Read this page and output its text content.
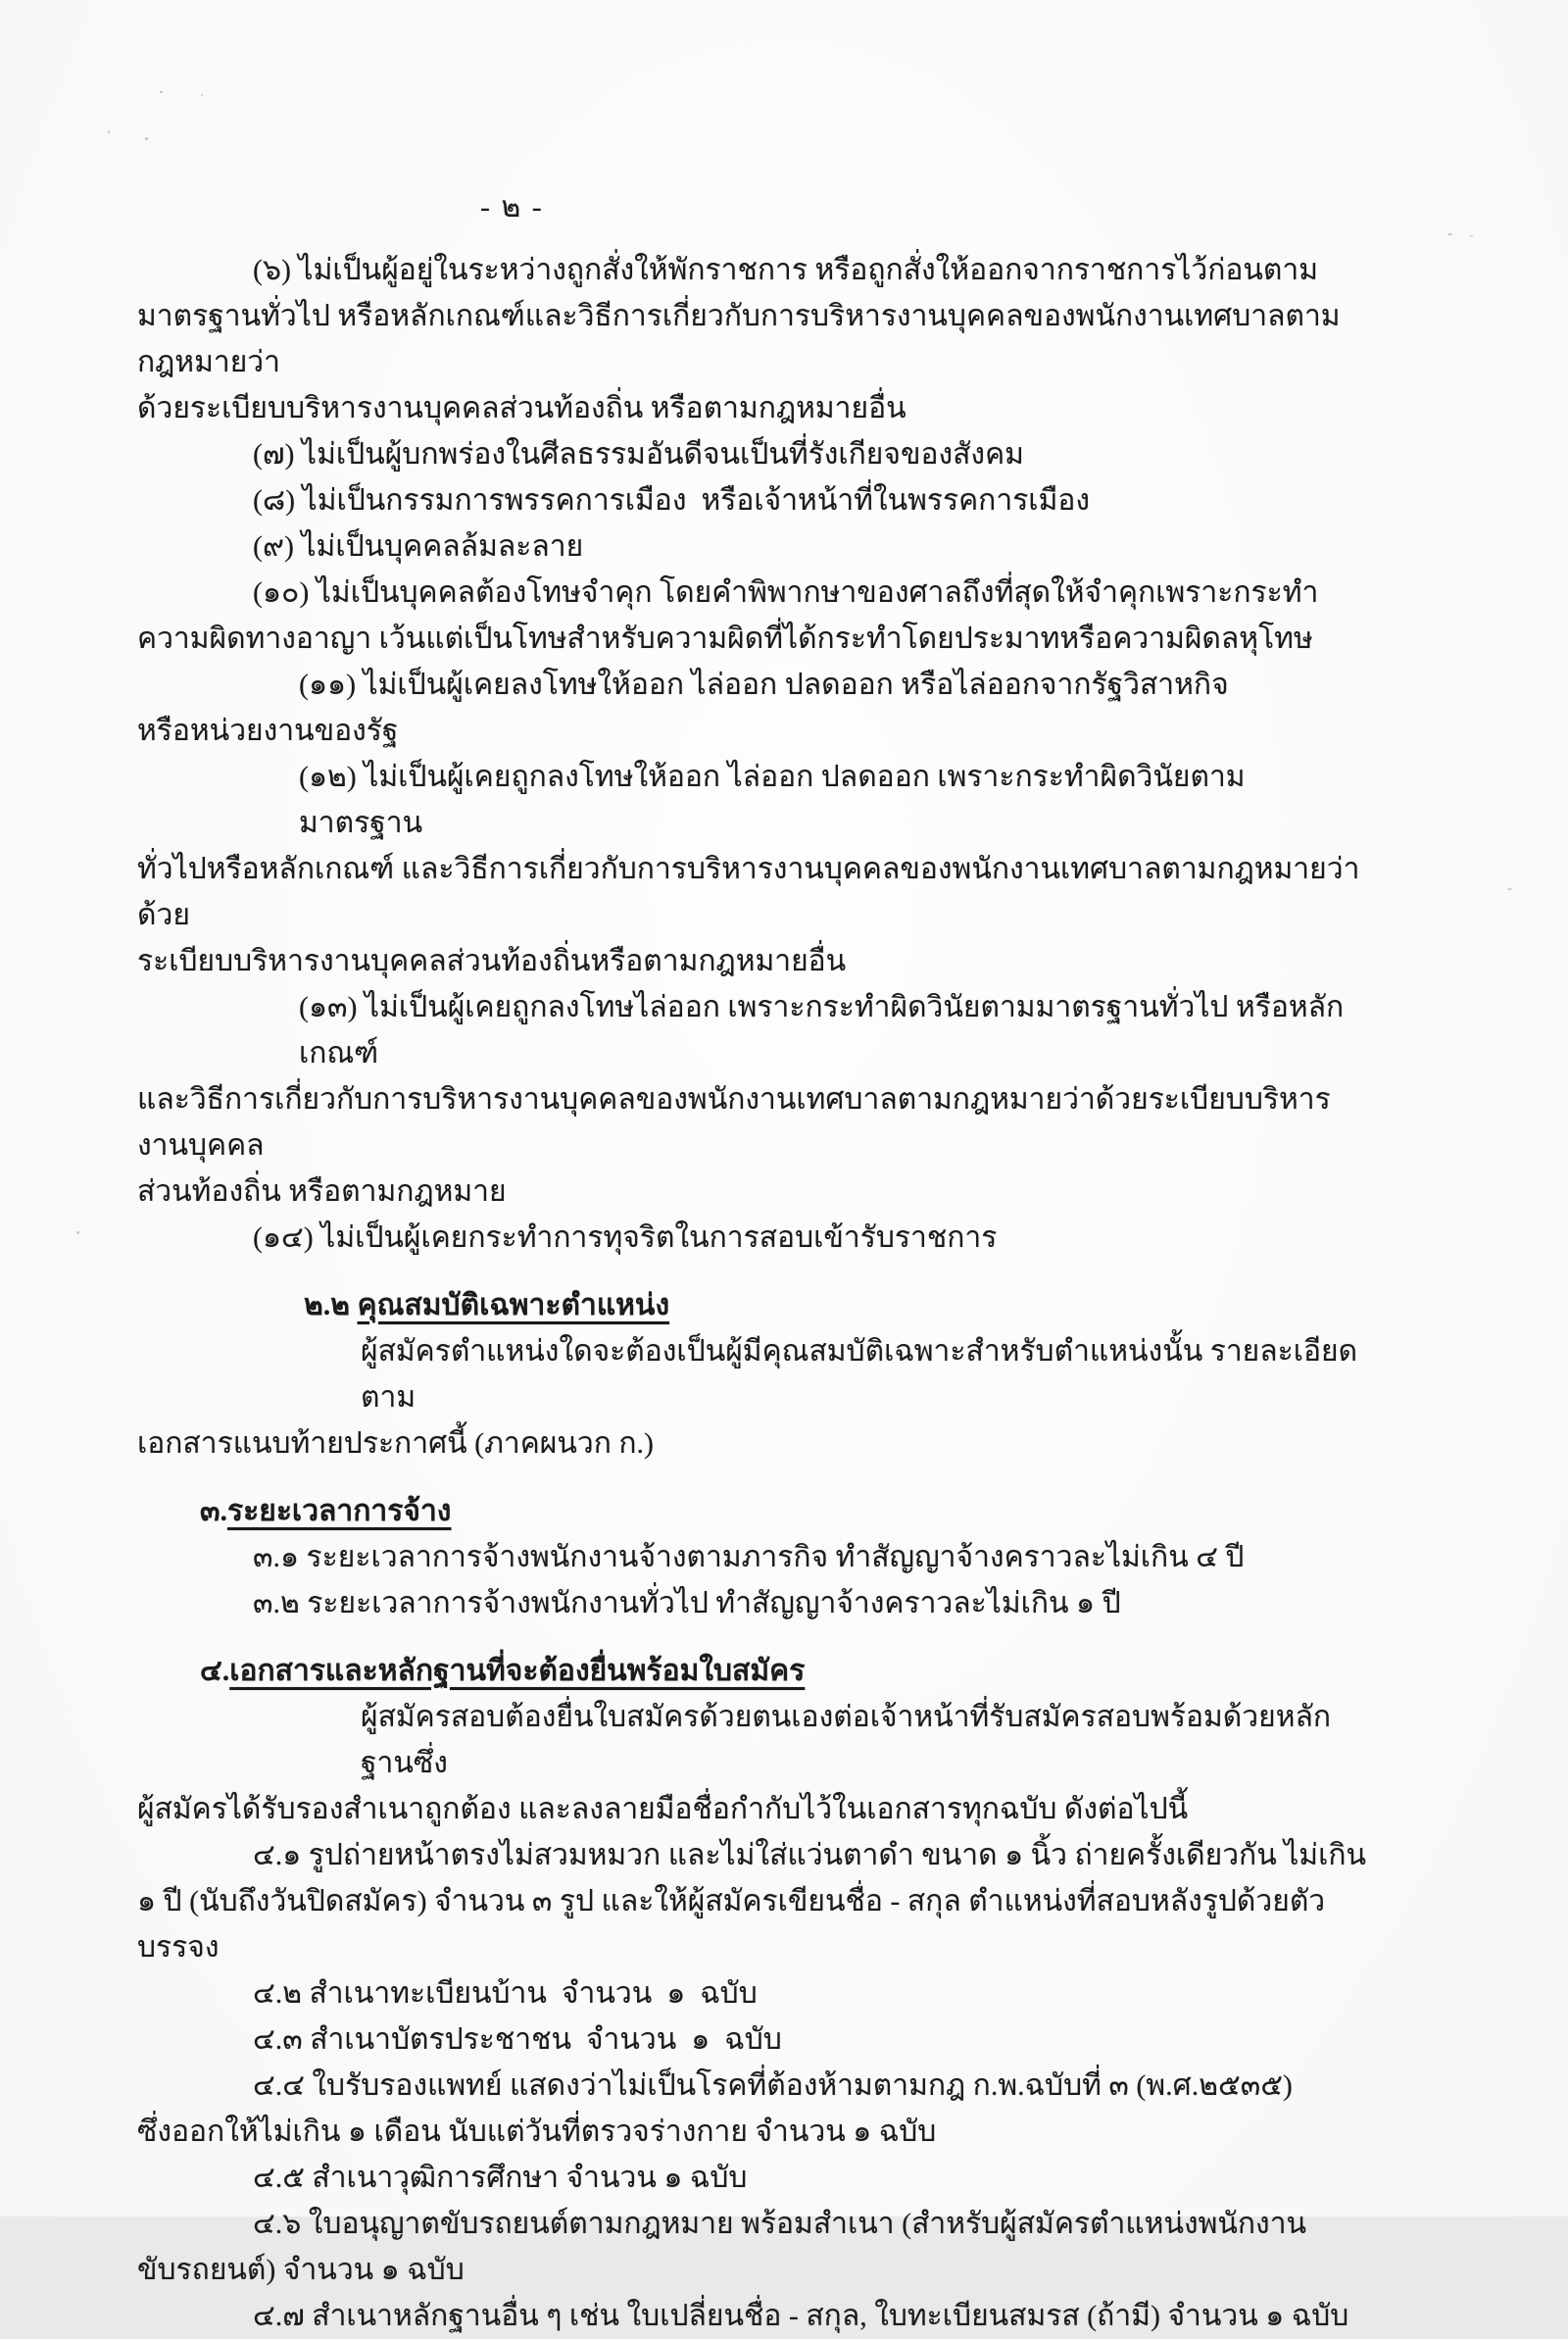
- ๒ -
(๖) ไม่เป็นผู้อยู่ในระหว่างถูกสั่งให้พักราชการ หรือถูกสั่งให้ออกจากราชการไว้ก่อนตาม
มาตรฐานทั่วไป หรือหลักเกณฑ์และวิธีการเกี่ยวกับการบริหารงานบุคคลของพนักงานเทศบาลตามกฎหมายว่า
ด้วยระเบียบบริหารงานบุคคลส่วนท้องถิ่น หรือตามกฎหมายอื่น
(๗) ไม่เป็นผู้บกพร่องในศีลธรรมอันดีจนเป็นที่รังเกียจของสังคม
(๘) ไม่เป็นกรรมการพรรคการเมือง  หรือเจ้าหน้าที่ในพรรคการเมือง
(๙) ไม่เป็นบุคคลล้มละลาย
(๑๐) ไม่เป็นบุคคลต้องโทษจำคุก โดยคำพิพากษาของศาลถึงที่สุดให้จำคุกเพราะกระทำ
ความผิดทางอาญา เว้นแต่เป็นโทษสำหรับความผิดที่ได้กระทำโดยประมาทหรือความผิดลหุโทษ
(๑๑) ไม่เป็นผู้เคยลงโทษให้ออก ไล่ออก ปลดออก หรือไล่ออกจากรัฐวิสาหกิจ
หรือหน่วยงานของรัฐ
(๑๒) ไม่เป็นผู้เคยถูกลงโทษให้ออก ไล่ออก ปลดออก เพราะกระทำผิดวินัยตามมาตรฐาน
ทั่วไปหรือหลักเกณฑ์ และวิธีการเกี่ยวกับการบริหารงานบุคคลของพนักงานเทศบาลตามกฎหมายว่าด้วย
ระเบียบบริหารงานบุคคลส่วนท้องถิ่นหรือตามกฎหมายอื่น
(๑๓) ไม่เป็นผู้เคยถูกลงโทษไล่ออก เพราะกระทำผิดวินัยตามมาตรฐานทั่วไป หรือหลักเกณฑ์
และวิธีการเกี่ยวกับการบริหารงานบุคคลของพนักงานเทศบาลตามกฎหมายว่าด้วยระเบียบบริหารงานบุคคล
ส่วนท้องถิ่น หรือตามกฎหมาย
(๑๔) ไม่เป็นผู้เคยกระทำการทุจริตในการสอบเข้ารับราชการ
๒.๒ คุณสมบัติเฉพาะตำแหน่ง
ผู้สมัครตำแหน่งใดจะต้องเป็นผู้มีคุณสมบัติเฉพาะสำหรับตำแหน่งนั้น รายละเอียดตาม
เอกสารแนบท้ายประกาศนี้ (ภาคผนวก ก.)
๓.ระยะเวลาการจ้าง
๓.๑ ระยะเวลาการจ้างพนักงานจ้างตามภารกิจ ทำสัญญาจ้างคราวละไม่เกิน ๔ ปี
๓.๒ ระยะเวลาการจ้างพนักงานทั่วไป ทำสัญญาจ้างคราวละไม่เกิน ๑ ปี
๔.เอกสารและหลักฐานที่จะต้องยื่นพร้อมใบสมัคร
ผู้สมัครสอบต้องยื่นใบสมัครด้วยตนเองต่อเจ้าหน้าที่รับสมัครสอบพร้อมด้วยหลักฐานซึ่ง
ผู้สมัครได้รับรองสำเนาถูกต้อง และลงลายมือชื่อกำกับไว้ในเอกสารทุกฉบับ ดังต่อไปนี้
๔.๑ รูปถ่ายหน้าตรงไม่สวมหมวก และไม่ใส่แว่นตาดำ ขนาด ๑ นิ้ว ถ่ายครั้งเดียวกัน ไม่เกิน
๑ ปี (นับถึงวันปิดสมัคร) จำนวน ๓ รูป และให้ผู้สมัครเขียนชื่อ - สกุล ตำแหน่งที่สอบหลังรูปด้วยตัวบรรจง
๔.๒ สำเนาทะเบียนบ้าน  จำนวน  ๑  ฉบับ
๔.๓ สำเนาบัตรประชาชน  จำนวน  ๑  ฉบับ
๔.๔ ใบรับรองแพทย์ แสดงว่าไม่เป็นโรคที่ต้องห้ามตามกฎ ก.พ.ฉบับที่ ๓ (พ.ศ.๒๕๓๕)
ซึ่งออกให้ไม่เกิน ๑ เดือน นับแต่วันที่ตรวจร่างกาย จำนวน ๑ ฉบับ
๔.๕ สำเนาวุฒิการศึกษา จำนวน ๑ ฉบับ
๔.๖ ใบอนุญาตขับรถยนต์ตามกฎหมาย พร้อมสำเนา (สำหรับผู้สมัครตำแหน่งพนักงาน
ขับรถยนต์) จำนวน ๑ ฉบับ
๔.๗ สำเนาหลักฐานอื่น ๆ เช่น ใบเปลี่ยนชื่อ - สกุล, ใบทะเบียนสมรส (ถ้ามี) จำนวน ๑ ฉบับ
